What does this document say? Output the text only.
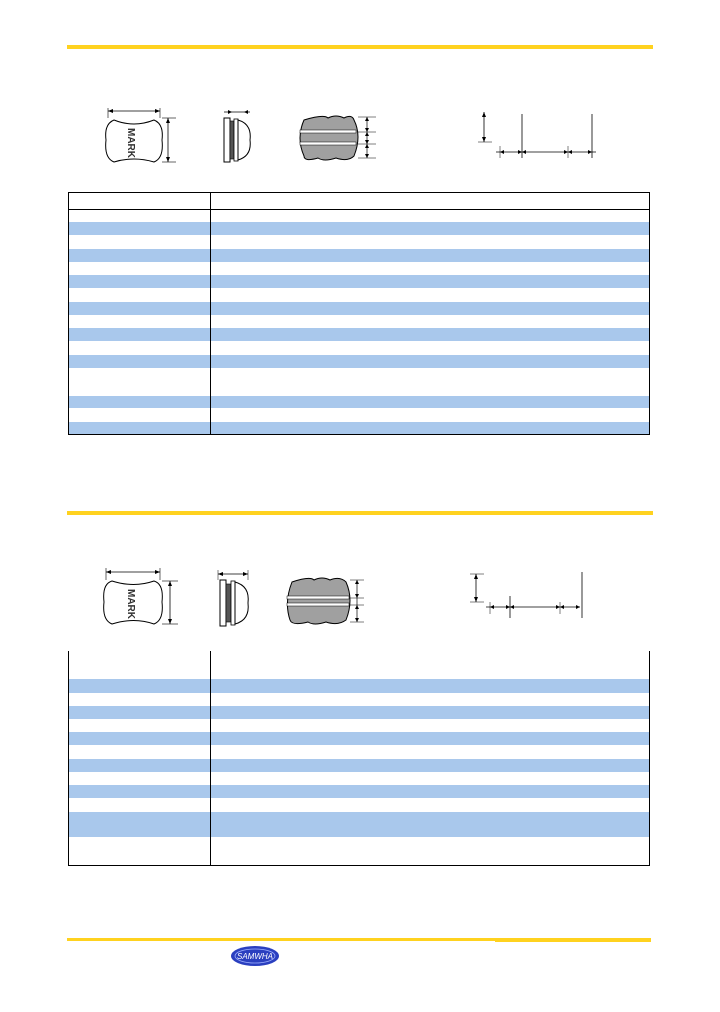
MARK
MARK
SAMWHA
